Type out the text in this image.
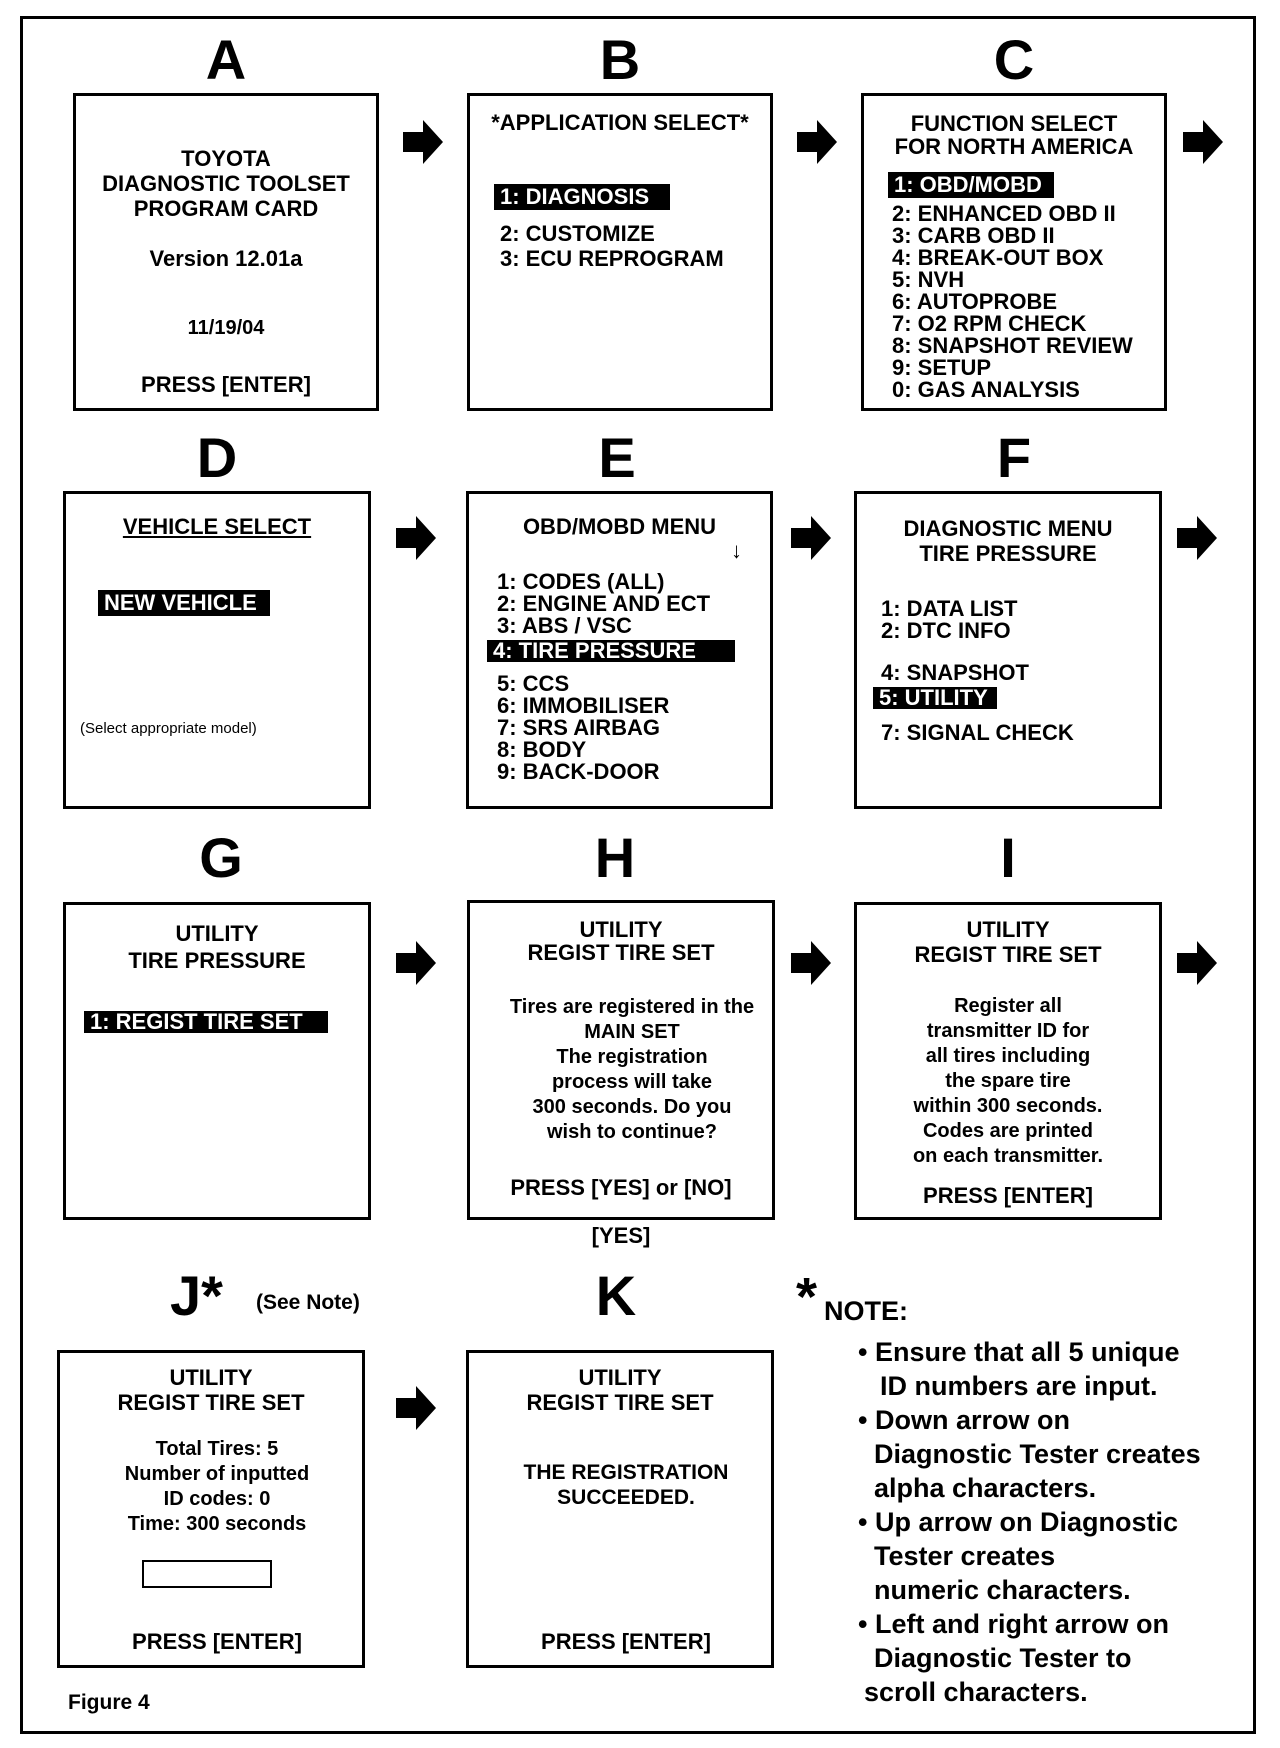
A	B	C
TOYOTA
DIAGNOSTIC TOOLSET
PROGRAM CARD
Version 12.01a
11/19/04
PRESS [ENTER]
*APPLICATION SELECT*
1: DIAGNOSIS
2: CUSTOMIZE
3: ECU REPROGRAM
FUNCTION SELECT
FOR NORTH AMERICA
1: OBD/MOBD
2: ENHANCED OBD II
3: CARB OBD II
4: BREAK-OUT BOX
5: NVH
6: AUTOPROBE
7: O2 RPM CHECK
8: SNAPSHOT REVIEW
9: SETUP
0: GAS ANALYSIS
D	E	F
VEHICLE SELECT
NEW VEHICLE
(Select appropriate model)
OBD/MOBD MENU
↓
1: CODES (ALL)
2: ENGINE AND ECT
3: ABS / VSC
4: TIRE PRESSURE
5: CCS
6: IMMOBILISER
7: SRS AIRBAG
8: BODY
9: BACK-DOOR
DIAGNOSTIC MENU
TIRE PRESSURE
1: DATA LIST
2: DTC INFO
4: SNAPSHOT
5: UTILITY
7: SIGNAL CHECK
G	H	I
UTILITY
TIRE PRESSURE
1: REGIST TIRE SET
UTILITY
REGIST TIRE SET
Tires are registered in the
MAIN SET
The registration
process will take
300 seconds. Do you
wish to continue?
PRESS [YES] or [NO]
[YES]
UTILITY
REGIST TIRE SET
Register all
transmitter ID for
all tires including
the spare tire
within 300 seconds.
Codes are printed
on each transmitter.
PRESS [ENTER]
J*	(See Note)	K
UTILITY
REGIST TIRE SET
Total Tires: 5
Number of inputted
ID codes: 0
Time: 300 seconds
PRESS [ENTER]
UTILITY
REGIST TIRE SET
THE REGISTRATION
SUCCEEDED.
PRESS [ENTER]
* NOTE:
• Ensure that all 5 unique
ID numbers are input.
• Down arrow on
Diagnostic Tester creates
alpha characters.
• Up arrow on Diagnostic
Tester creates
numeric characters.
• Left and right arrow on
Diagnostic Tester to
scroll characters.
Figure 4
